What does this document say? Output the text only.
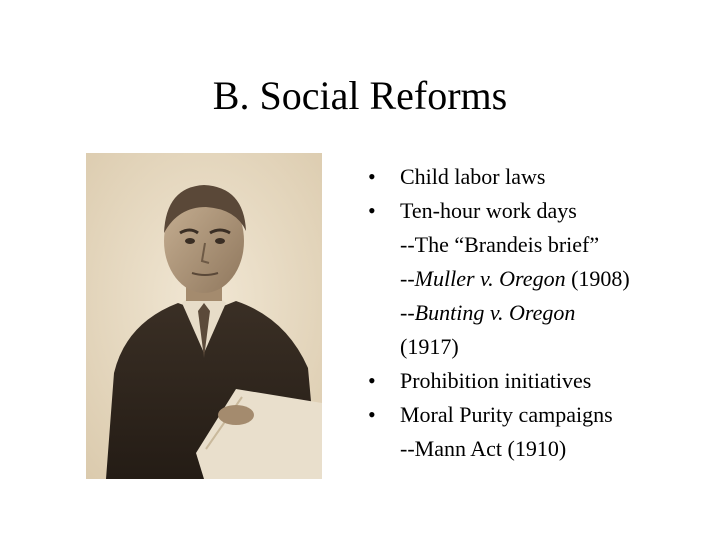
B. Social Reforms
• Child labor laws
• Ten-hour work days
--The “Brandeis brief”
--Muller v. Oregon (1908)
--Bunting v. Oregon
(1917)
• Prohibition initiatives
• Moral Purity campaigns
--Mann Act (1910)
